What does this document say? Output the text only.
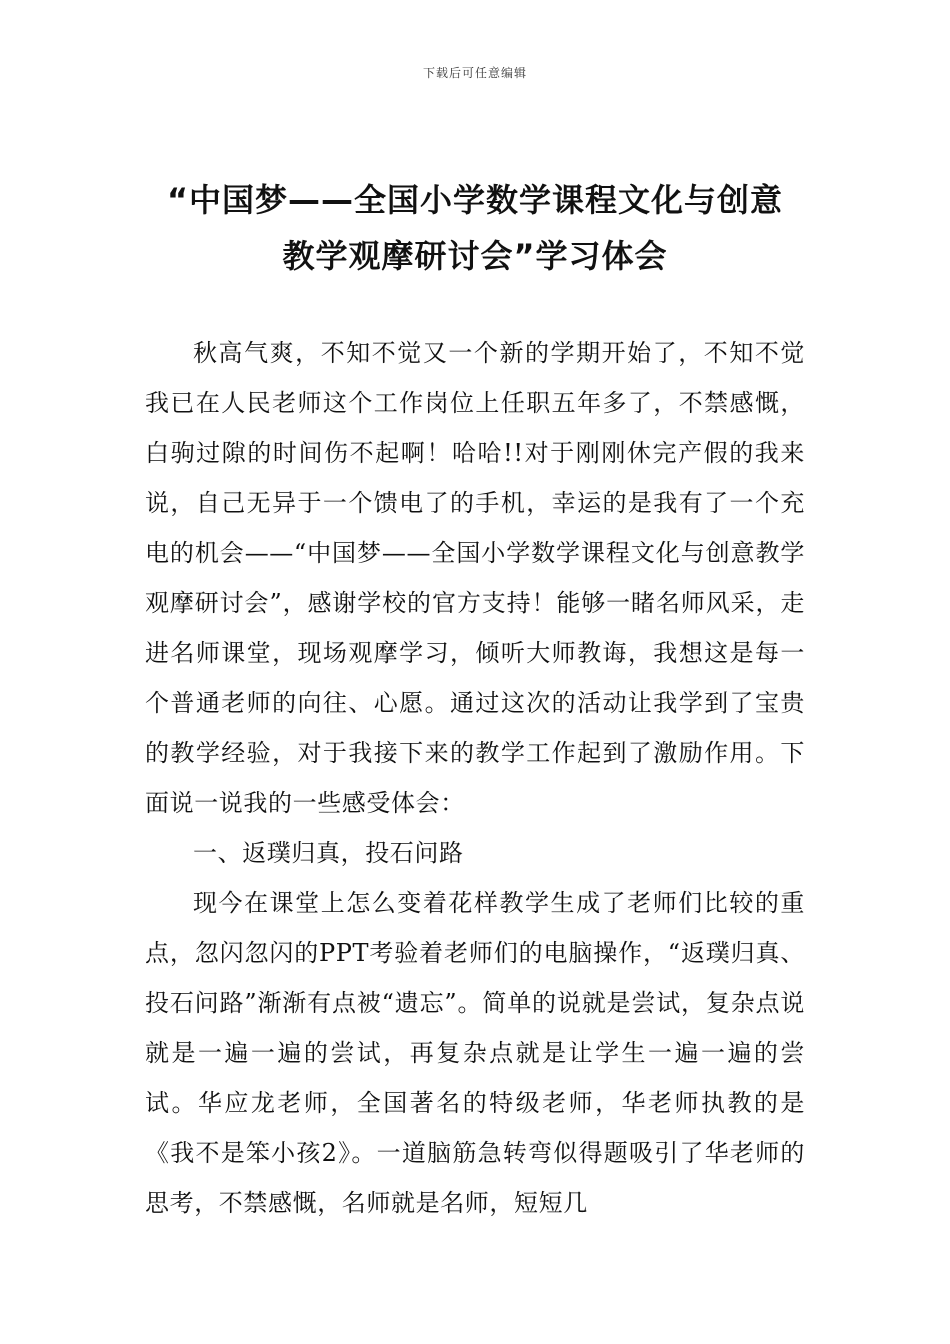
下载后可任意编辑
“中国梦——全国小学数学课程文化与创意
教学观摩研讨会”学习体会

秋高气爽，不知不觉又一个新的学期开始了，不知不觉我已在人民老师这个工作岗位上任职五年多了，不禁感慨，白驹过隙的时间伤不起啊！哈哈!!对于刚刚休完产假的我来说，自己无异于一个馈电了的手机，幸运的是我有了一个充电的机会——“中国梦——全国小学数学课程文化与创意教学观摩研讨会”，感谢学校的官方支持！能够一睹名师风采，走进名师课堂，现场观摩学习，倾听大师教诲，我想这是每一个普通老师的向往、心愿。通过这次的活动让我学到了宝贵的教学经验，对于我接下来的教学工作起到了激励作用。下面说一说我的一些感受体会：

一、返璞归真，投石问路

现今在课堂上怎么变着花样教学生成了老师们比较的重点，忽闪忽闪的PPT考验着老师们的电脑操作，“返璞归真、投石问路”渐渐有点被“遗忘”。简单的说就是尝试，复杂点说就是一遍一遍的尝试，再复杂点就是让学生一遍一遍的尝试。华应龙老师，全国著名的特级老师，华老师执教的是《我不是笨小孩2》。一道脑筋急转弯似得题吸引了华老师的思考，不禁感慨，名师就是名师，短短几
